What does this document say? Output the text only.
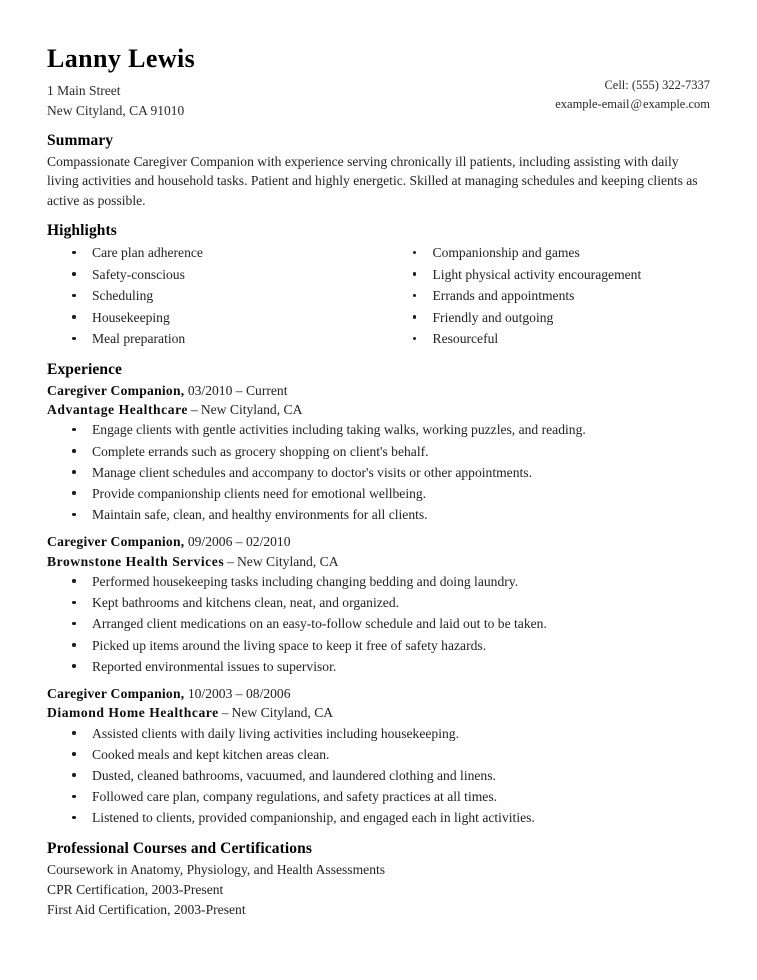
Lanny Lewis
1 Main Street
New Cityland, CA 91010
Cell: (555) 322-7337
example-email@example.com
Summary

Compassionate Caregiver Companion with experience serving chronically ill patients, including assisting with daily living activities and household tasks. Patient and highly energetic. Skilled at managing schedules and keeping clients as active as possible.

Highlights
Care plan adherence
Safety-conscious
Scheduling
Housekeeping
Meal preparation
Companionship and games
Light physical activity encouragement
Errands and appointments
Friendly and outgoing
Resourceful
Experience
Caregiver Companion, 03/2010 – Current
Advantage Healthcare – New Cityland, CA
Engage clients with gentle activities including taking walks, working puzzles, and reading.
Complete errands such as grocery shopping on client's behalf.
Manage client schedules and accompany to doctor's visits or other appointments.
Provide companionship clients need for emotional wellbeing.
Maintain safe, clean, and healthy environments for all clients.
Caregiver Companion, 09/2006 – 02/2010
Brownstone Health Services – New Cityland, CA
Performed housekeeping tasks including changing bedding and doing laundry.
Kept bathrooms and kitchens clean, neat, and organized.
Arranged client medications on an easy-to-follow schedule and laid out to be taken.
Picked up items around the living space to keep it free of safety hazards.
Reported environmental issues to supervisor.
Caregiver Companion, 10/2003 – 08/2006
Diamond Home Healthcare – New Cityland, CA
Assisted clients with daily living activities including housekeeping.
Cooked meals and kept kitchen areas clean.
Dusted, cleaned bathrooms, vacuumed, and laundered clothing and linens.
Followed care plan, company regulations, and safety practices at all times.
Listened to clients, provided companionship, and engaged each in light activities.
Professional Courses and Certifications
Coursework in Anatomy, Physiology, and Health Assessments
CPR Certification, 2003-Present
First Aid Certification, 2003-Present
